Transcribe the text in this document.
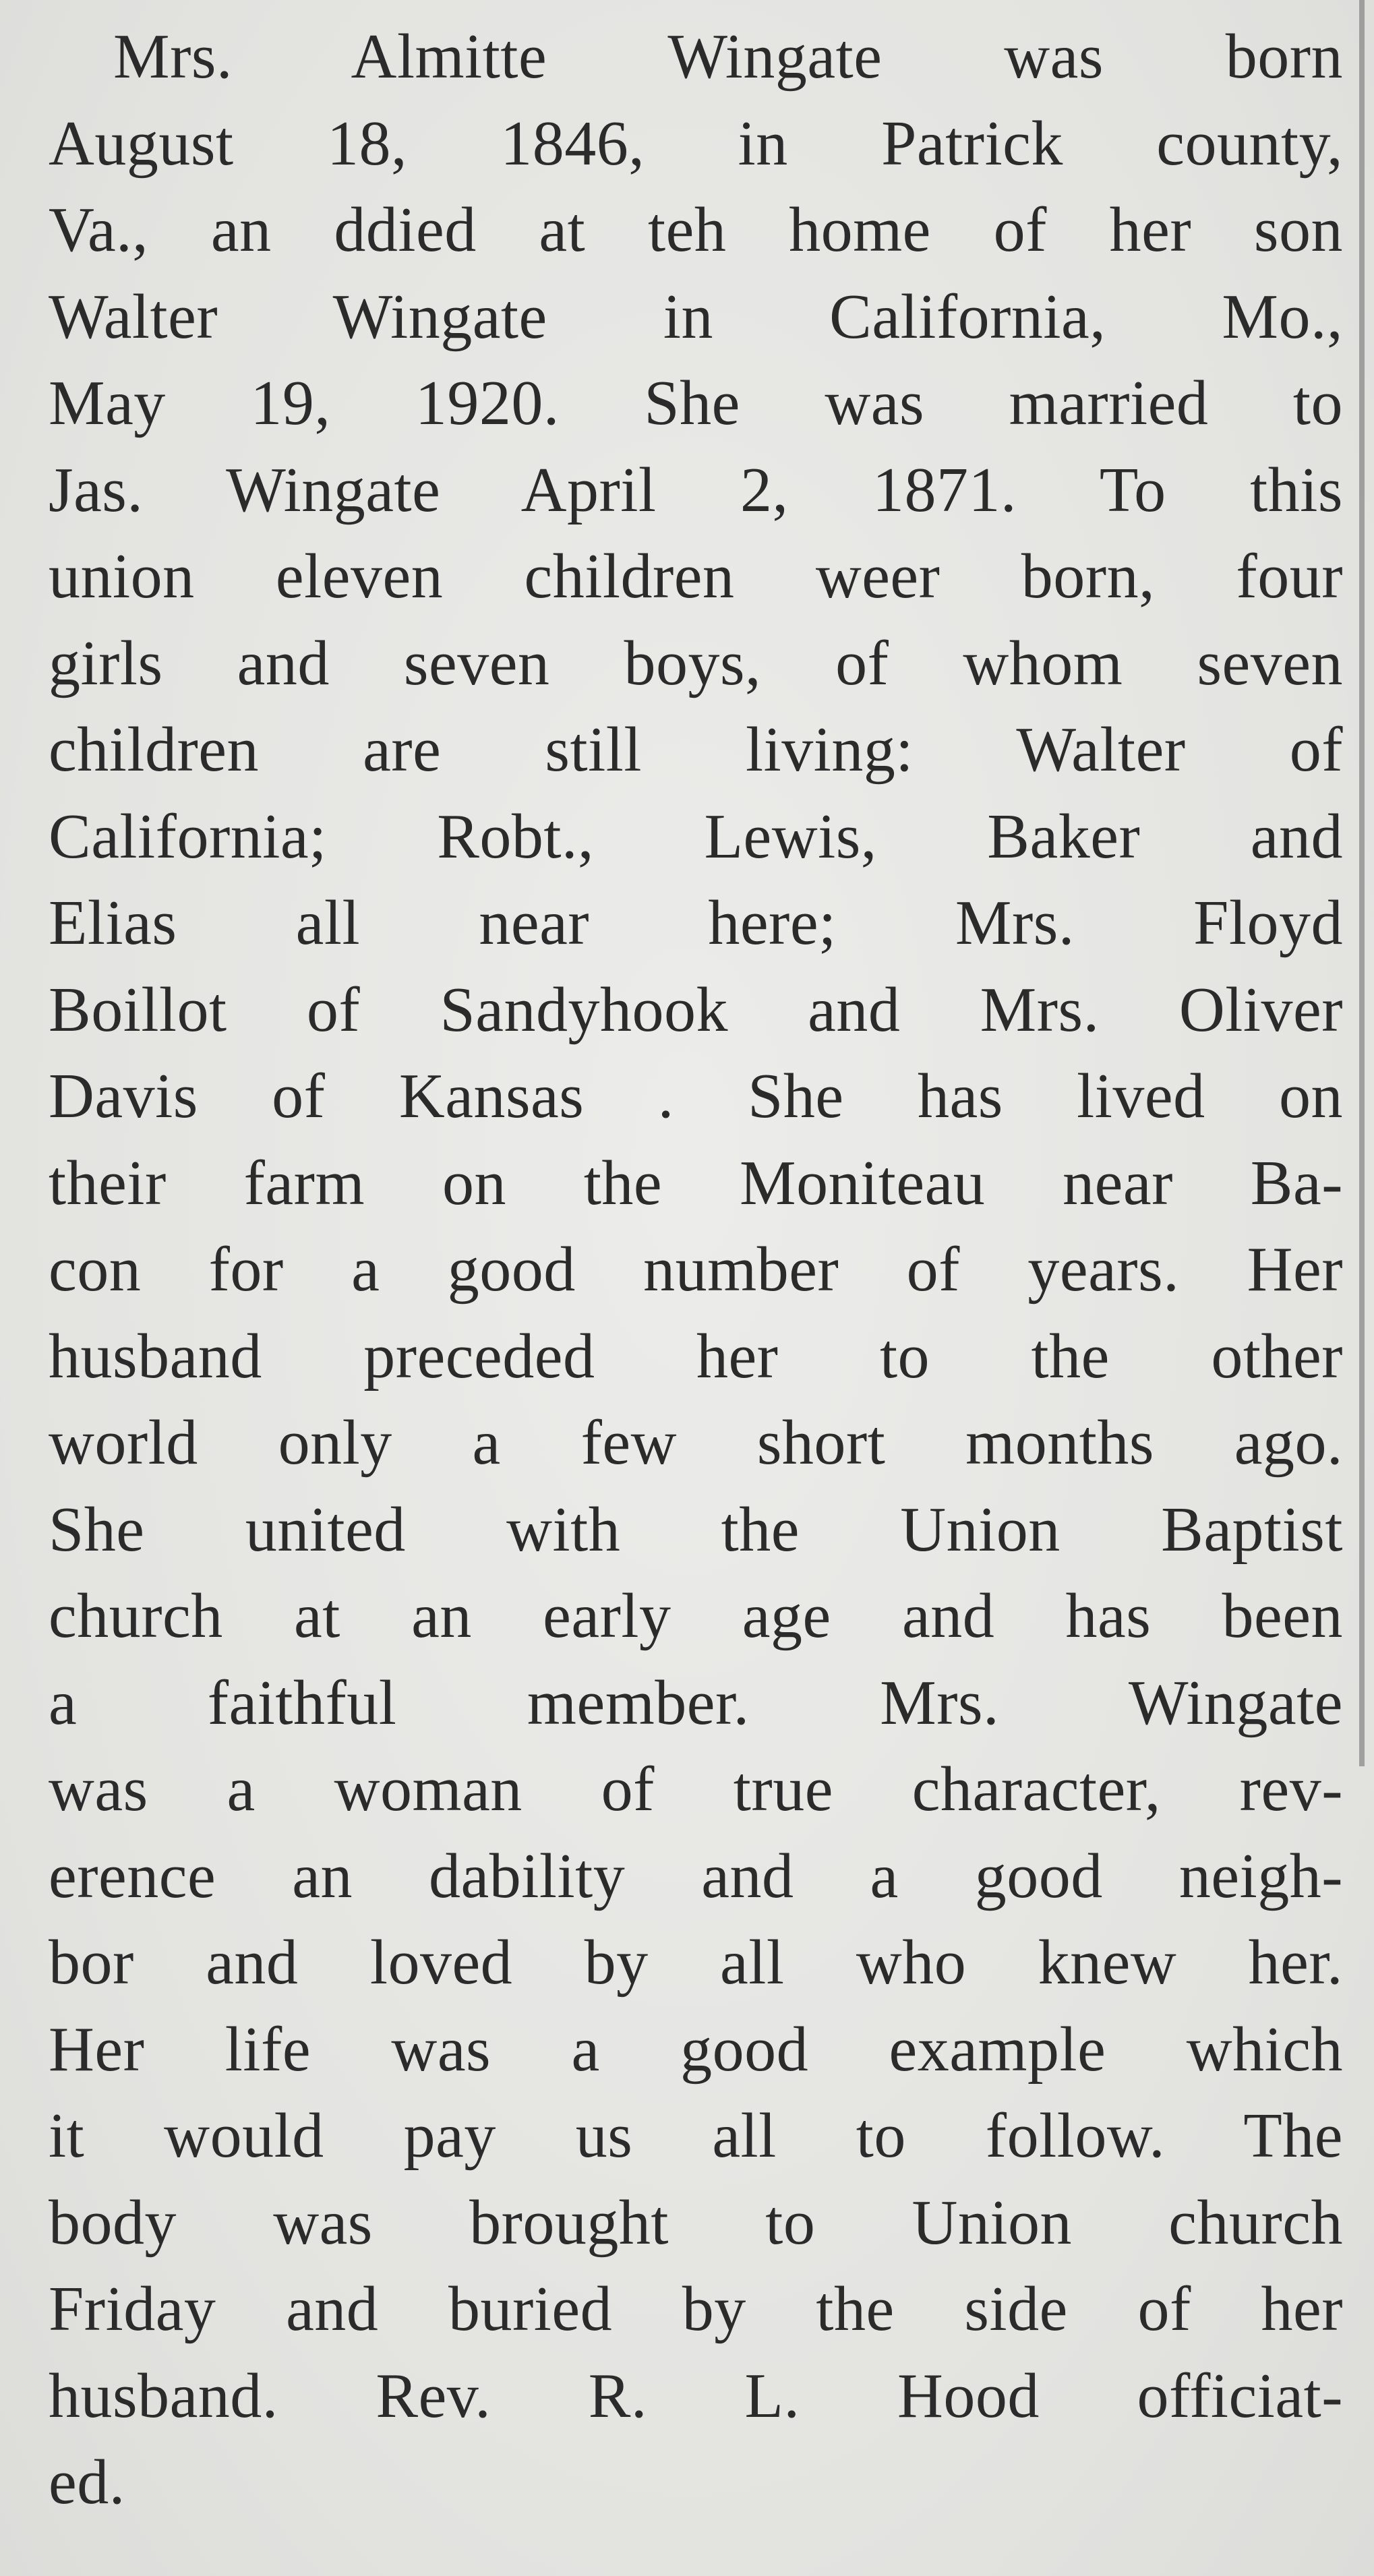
Mrs. Almitte Wingate was born
August 18, 1846, in Patrick county,
Va., an ddied at teh home of her son
Walter Wingate in California, Mo.,
May 19, 1920. She was married to
Jas. Wingate April 2, 1871. To this
union eleven children weer born, four
girls and seven boys, of whom seven
children are still living: Walter of
California; Robt., Lewis, Baker and
Elias all near here; Mrs. Floyd
Boillot of Sandyhook and Mrs. Oliver
Davis of Kansas . She has lived on
their farm on the Moniteau near Ba-
con for a good number of years. Her
husband preceded her to the other
world only a few short months ago.
She united with the Union Baptist
church at an early age and has been
a faithful member. Mrs. Wingate
was a woman of true character, rev-
erence an dability and a good neigh-
bor and loved by all who knew her.
Her life was a good example which
it would pay us all to follow. The
body was brought to Union church
Friday and buried by the side of her
husband. Rev. R. L. Hood officiat-
ed.
